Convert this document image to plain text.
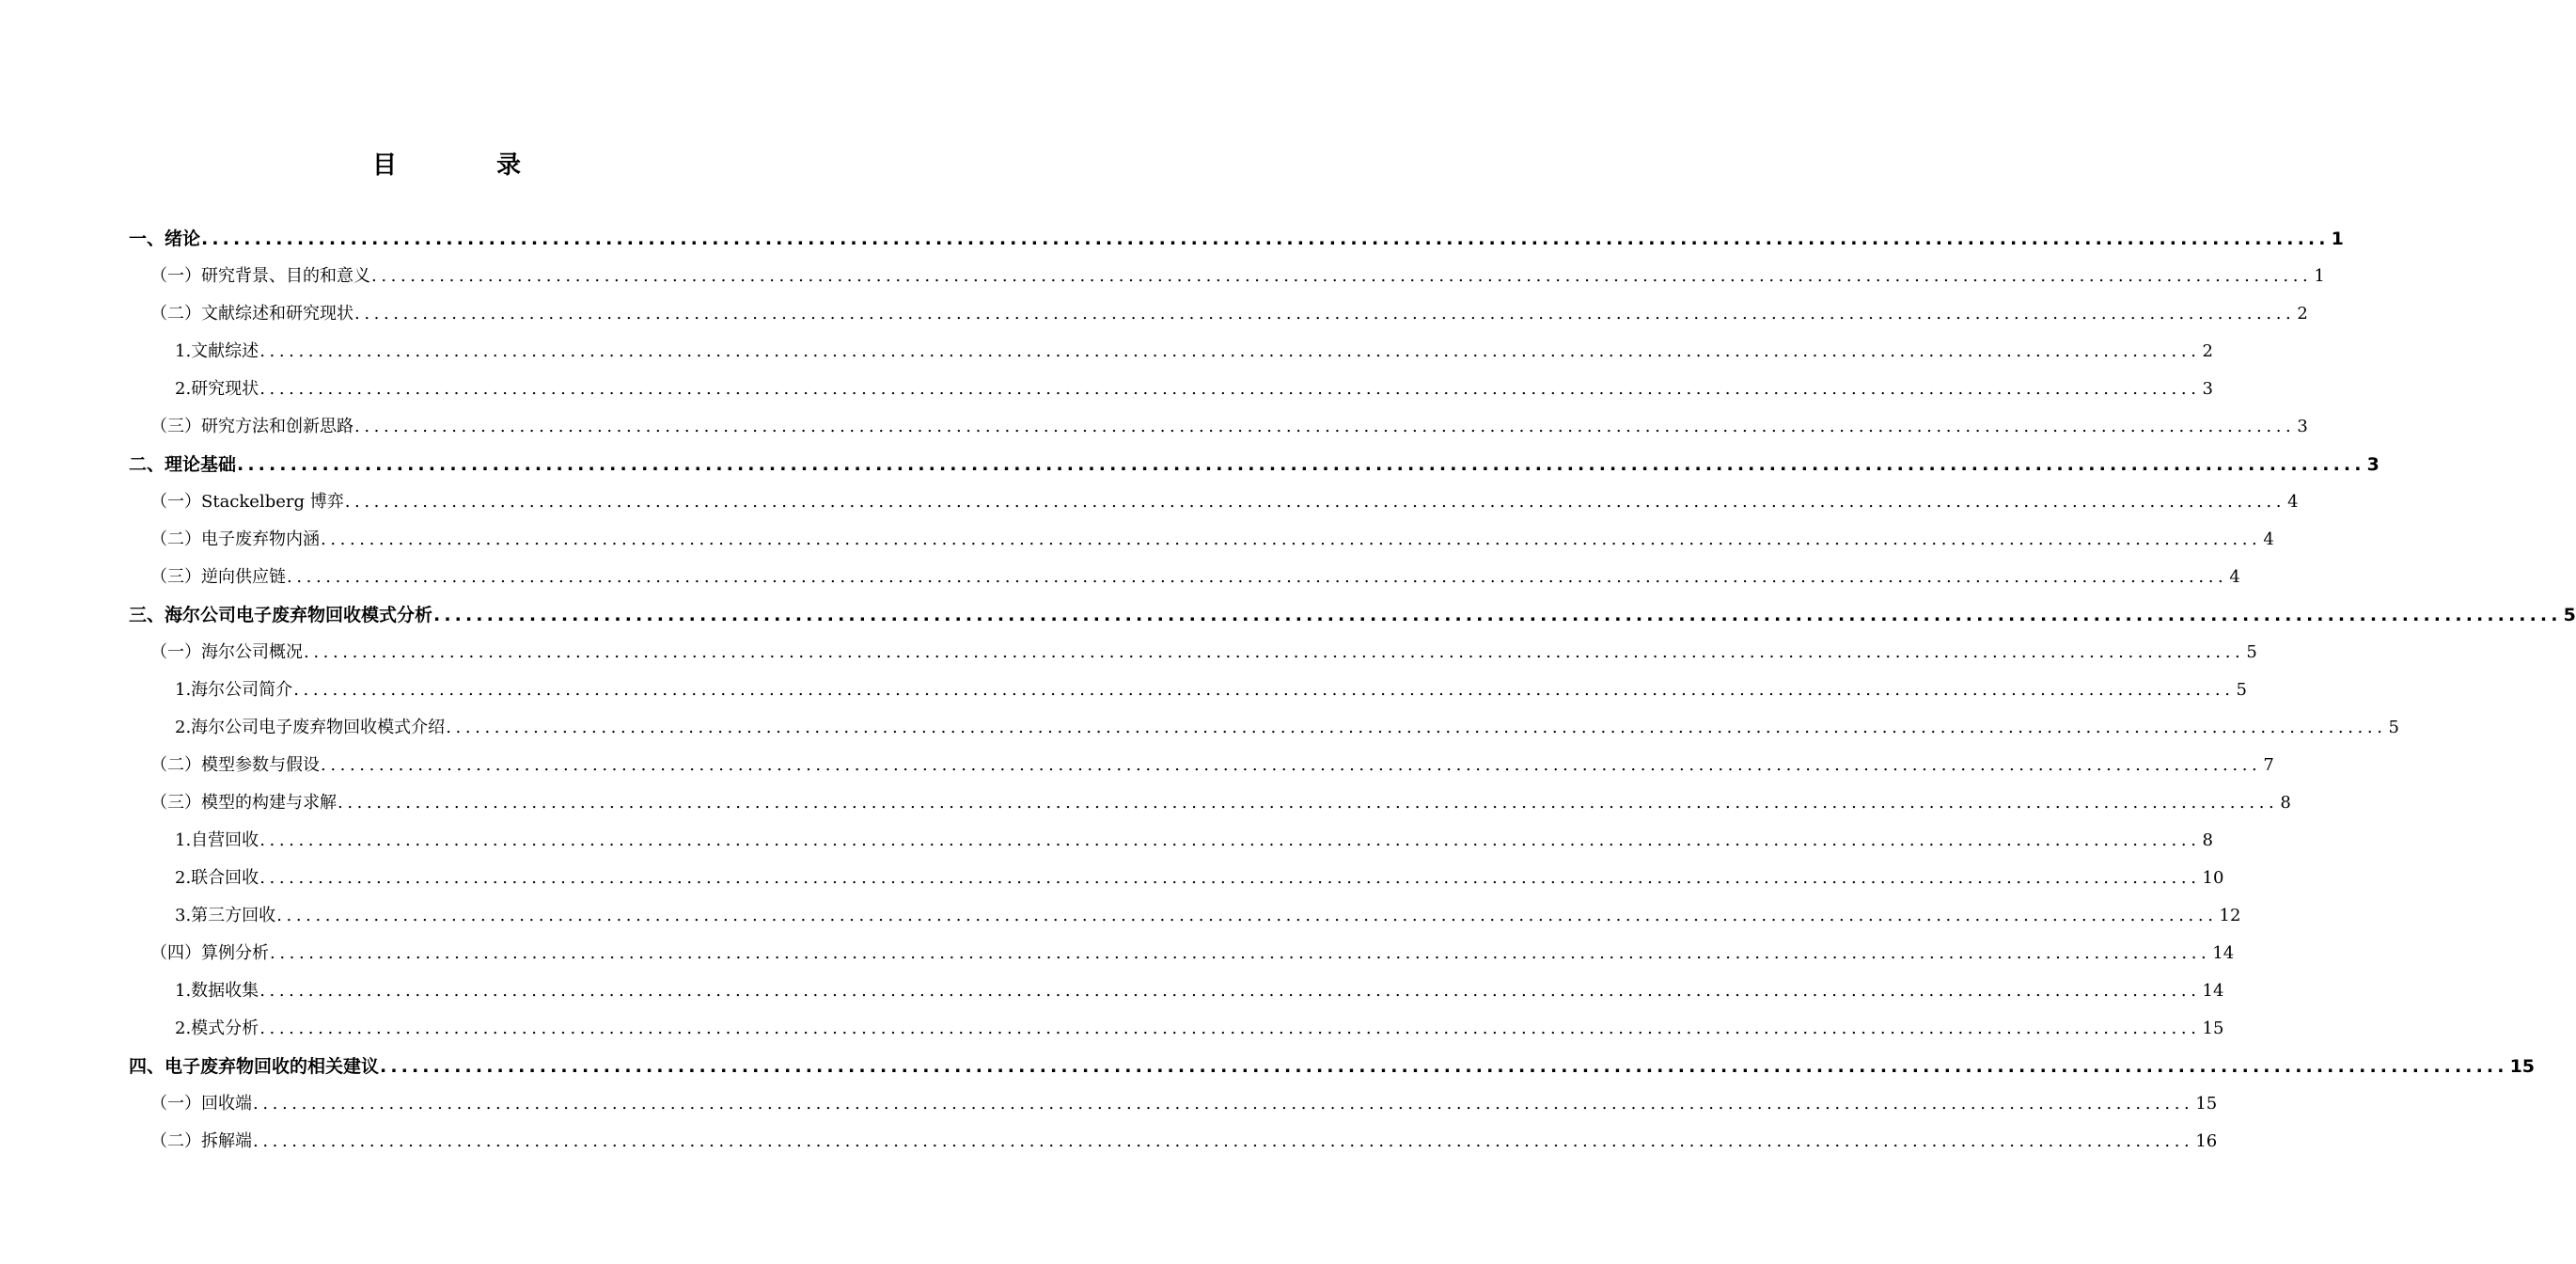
目　录
一、绪论 ........................................................................................................................................................................................................ 1
（一）研究背景、目的和意义 ........................................................................................................................................................................................................ 1
（二）文献综述和研究现状 ........................................................................................................................................................................................................ 2
1.文献综述 ........................................................................................................................................................................................................ 2
2.研究现状 ........................................................................................................................................................................................................ 3
（三）研究方法和创新思路 ........................................................................................................................................................................................................ 3
二、理论基础 ........................................................................................................................................................................................................ 3
（一）Stackelberg 博弈 ........................................................................................................................................................................................................ 4
（二）电子废弃物内涵 ........................................................................................................................................................................................................ 4
（三）逆向供应链 ........................................................................................................................................................................................................ 4
三、海尔公司电子废弃物回收模式分析 ........................................................................................................................................................................................................ 5
（一）海尔公司概况 ........................................................................................................................................................................................................ 5
1.海尔公司简介 ........................................................................................................................................................................................................ 5
2.海尔公司电子废弃物回收模式介绍 ........................................................................................................................................................................................................ 5
（二）模型参数与假设 ........................................................................................................................................................................................................ 7
（三）模型的构建与求解 ........................................................................................................................................................................................................ 8
1.自营回收 ........................................................................................................................................................................................................ 8
2.联合回收 ........................................................................................................................................................................................................ 10
3.第三方回收 ........................................................................................................................................................................................................ 12
（四）算例分析 ........................................................................................................................................................................................................ 14
1.数据收集 ........................................................................................................................................................................................................ 14
2.模式分析 ........................................................................................................................................................................................................ 15
四、电子废弃物回收的相关建议 ........................................................................................................................................................................................................ 15
（一）回收端 ........................................................................................................................................................................................................ 15
（二）拆解端 ........................................................................................................................................................................................................ 16
